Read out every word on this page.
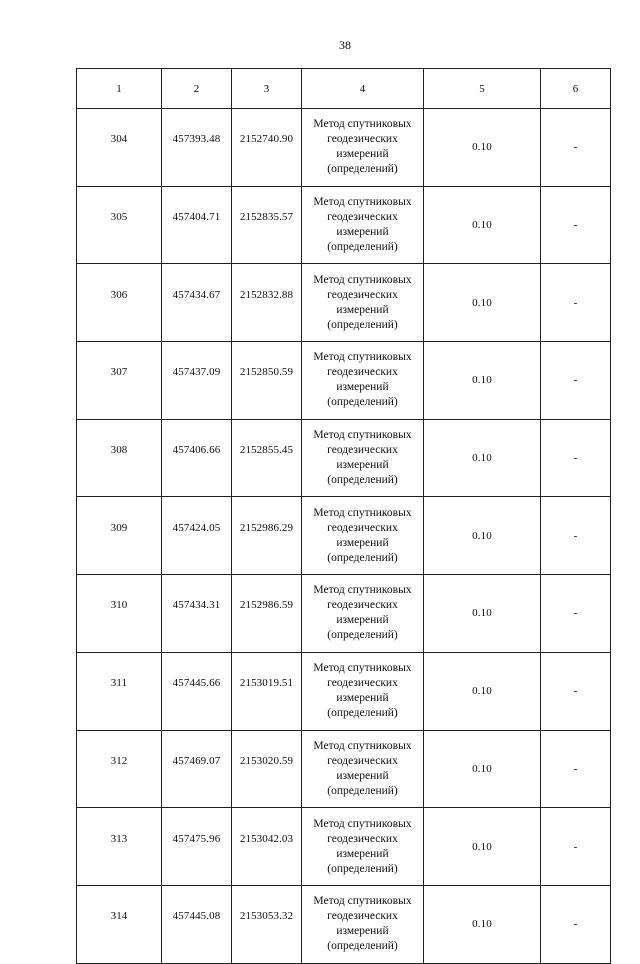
38
1	2	3	4	5	6
304	457393.48	2152740.90	Метод спутниковых геодезических измерений (определений)	0.10	-
305	457404.71	2152835.57	Метод спутниковых геодезических измерений (определений)	0.10	-
306	457434.67	2152832.88	Метод спутниковых геодезических измерений (определений)	0.10	-
307	457437.09	2152850.59	Метод спутниковых геодезических измерений (определений)	0.10	-
308	457406.66	2152855.45	Метод спутниковых геодезических измерений (определений)	0.10	-
309	457424.05	2152986.29	Метод спутниковых геодезических измерений (определений)	0.10	-
310	457434.31	2152986.59	Метод спутниковых геодезических измерений (определений)	0.10	-
311	457445.66	2153019.51	Метод спутниковых геодезических измерений (определений)	0.10	-
312	457469.07	2153020.59	Метод спутниковых геодезических измерений (определений)	0.10	-
313	457475.96	2153042.03	Метод спутниковых геодезических измерений (определений)	0.10	-
314	457445.08	2153053.32	Метод спутниковых геодезических измерений (определений)	0.10	-
